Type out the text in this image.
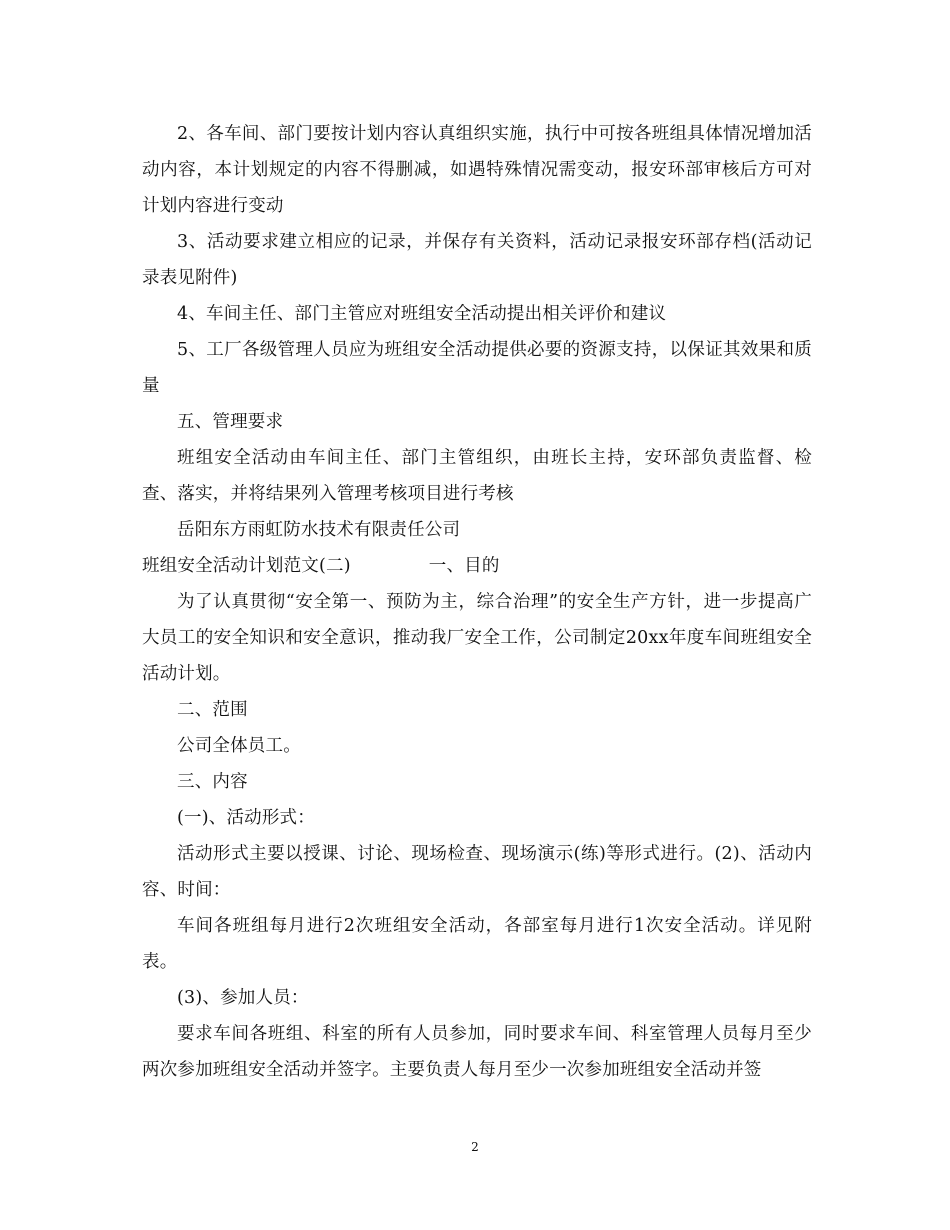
2、各车间、部门要按计划内容认真组织实施，执行中可按各班组具体情况增加活动内容，本计划规定的内容不得删减，如遇特殊情况需变动，报安环部审核后方可对计划内容进行变动

3、活动要求建立相应的记录，并保存有关资料，活动记录报安环部存档(活动记录表见附件)

4、车间主任、部门主管应对班组安全活动提出相关评价和建议

5、工厂各级管理人员应为班组安全活动提供必要的资源支持，以保证其效果和质量

五、管理要求

班组安全活动由车间主任、部门主管组织，由班长主持，安环部负责监督、检查、落实，并将结果列入管理考核项目进行考核

岳阳东方雨虹防水技术有限责任公司

班组安全活动计划范文(二)	一、目的

为了认真贯彻“安全第一、预防为主，综合治理”的安全生产方针，进一步提高广大员工的安全知识和安全意识，推动我厂安全工作，公司制定20xx年度车间班组安全活动计划。

二、范围

公司全体员工。

三、内容

(一)、活动形式：

活动形式主要以授课、讨论、现场检查、现场演示(练)等形式进行。(2)、活动内容、时间：

车间各班组每月进行2次班组安全活动，各部室每月进行1次安全活动。详见附表。

(3)、参加人员：

要求车间各班组、科室的所有人员参加，同时要求车间、科室管理人员每月至少两次参加班组安全活动并签字。主要负责人每月至少一次参加班组安全活动并签

2
